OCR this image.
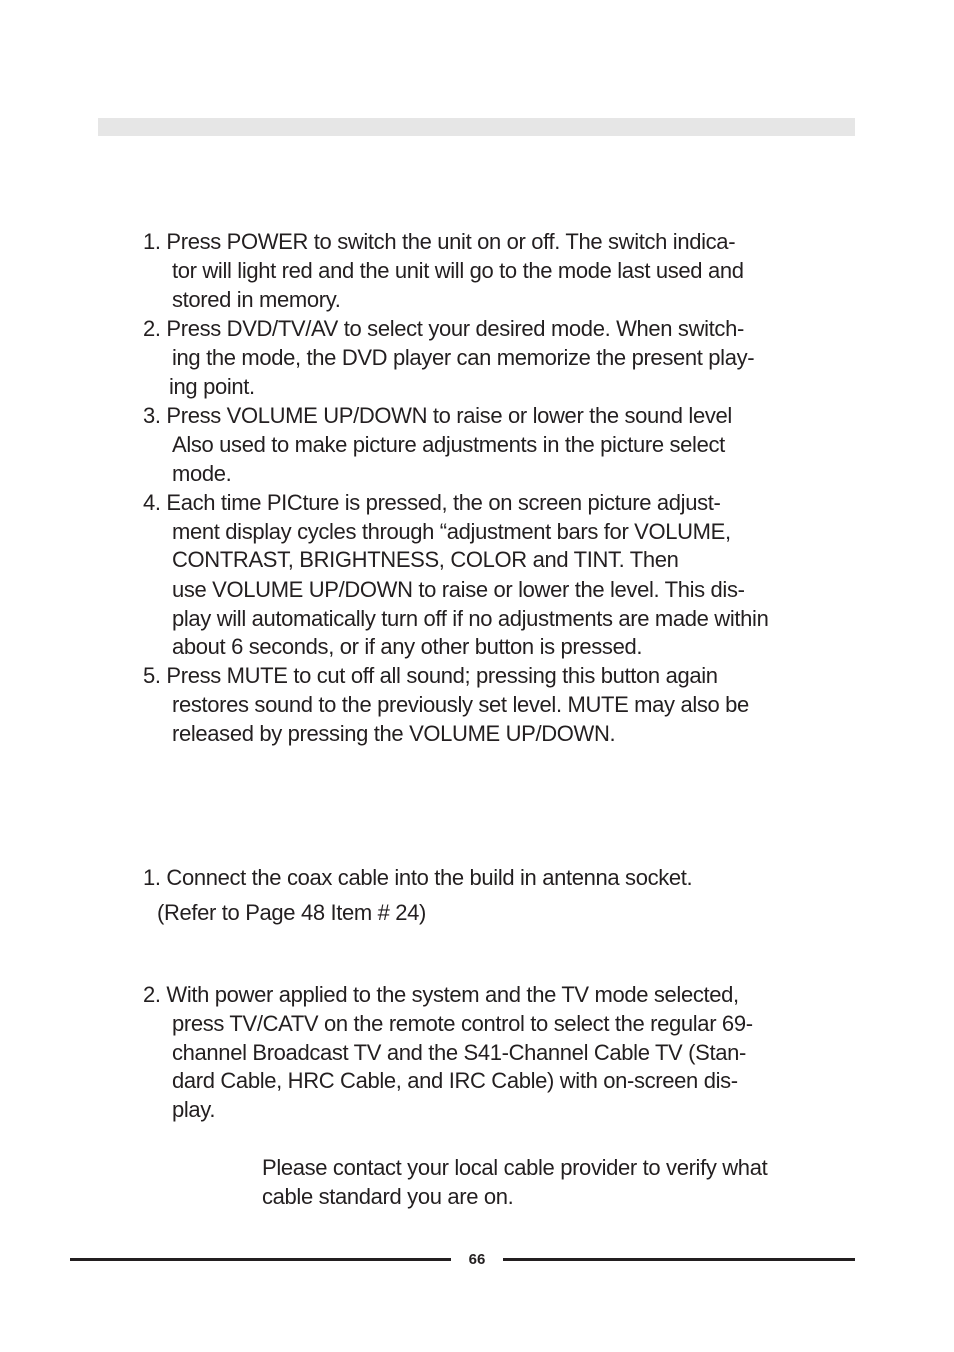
1. Press POWER to switch the unit on or off. The switch indica-
tor will light red and the unit will go to the mode last used and
stored in memory.
2. Press DVD/TV/AV to select your desired mode. When switch-
ing the mode, the DVD player can memorize the present play-
ing point.
3. Press VOLUME UP/DOWN to raise or lower the sound level
Also used to make picture adjustments in the picture select
mode.
4. Each time PICture is pressed, the on screen picture adjust-
ment display cycles through “adjustment bars for VOLUME,
CONTRAST, BRIGHTNESS, COLOR and TINT. Then
use VOLUME UP/DOWN to raise or lower the level. This dis-
play will automatically turn off if no adjustments are made within
about 6 seconds, or if any other button is pressed.
5. Press MUTE to cut off all sound; pressing this button again
restores sound to the previously set level. MUTE may also be
released by pressing the VOLUME UP/DOWN.
1. Connect the coax cable into the build in antenna socket.
(Refer to Page 48 Item # 24)
2. With power applied to the system and the TV mode selected,
press TV/CATV on the remote control to select the regular 69-
channel Broadcast TV and the S41-Channel Cable TV (Stan-
dard Cable, HRC Cable, and IRC Cable) with on-screen dis-
play.
Please contact your local cable provider to verify what
cable standard you are on.
66
